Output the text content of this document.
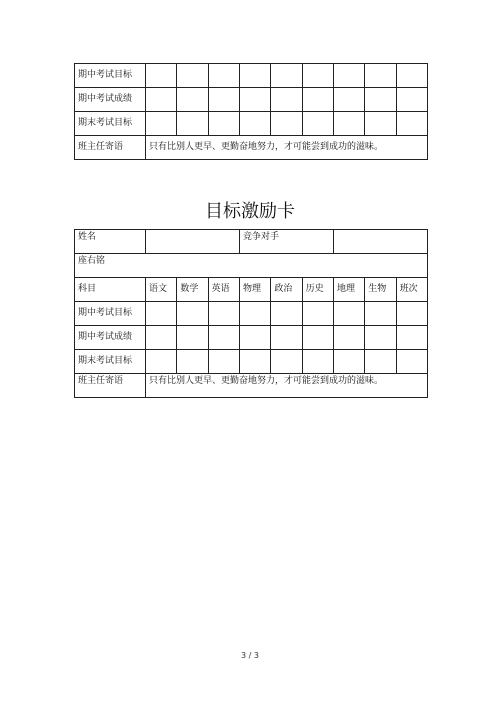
期中考试目标									
期中考试成绩									
期末考试目标									
班主任寄语	只有比别人更早、更勤奋地努力，才可能尝到成功的滋味。								
目标激励卡
姓名				竞争对手					
座右铭									
科目	语文	数学	英语	物理	政治	历史	地理	生物	班次
期中考试目标									
期中考试成绩									
期末考试目标									
班主任寄语	只有比别人更早、更勤奋地努力，才可能尝到成功的滋味。								
3 / 3
